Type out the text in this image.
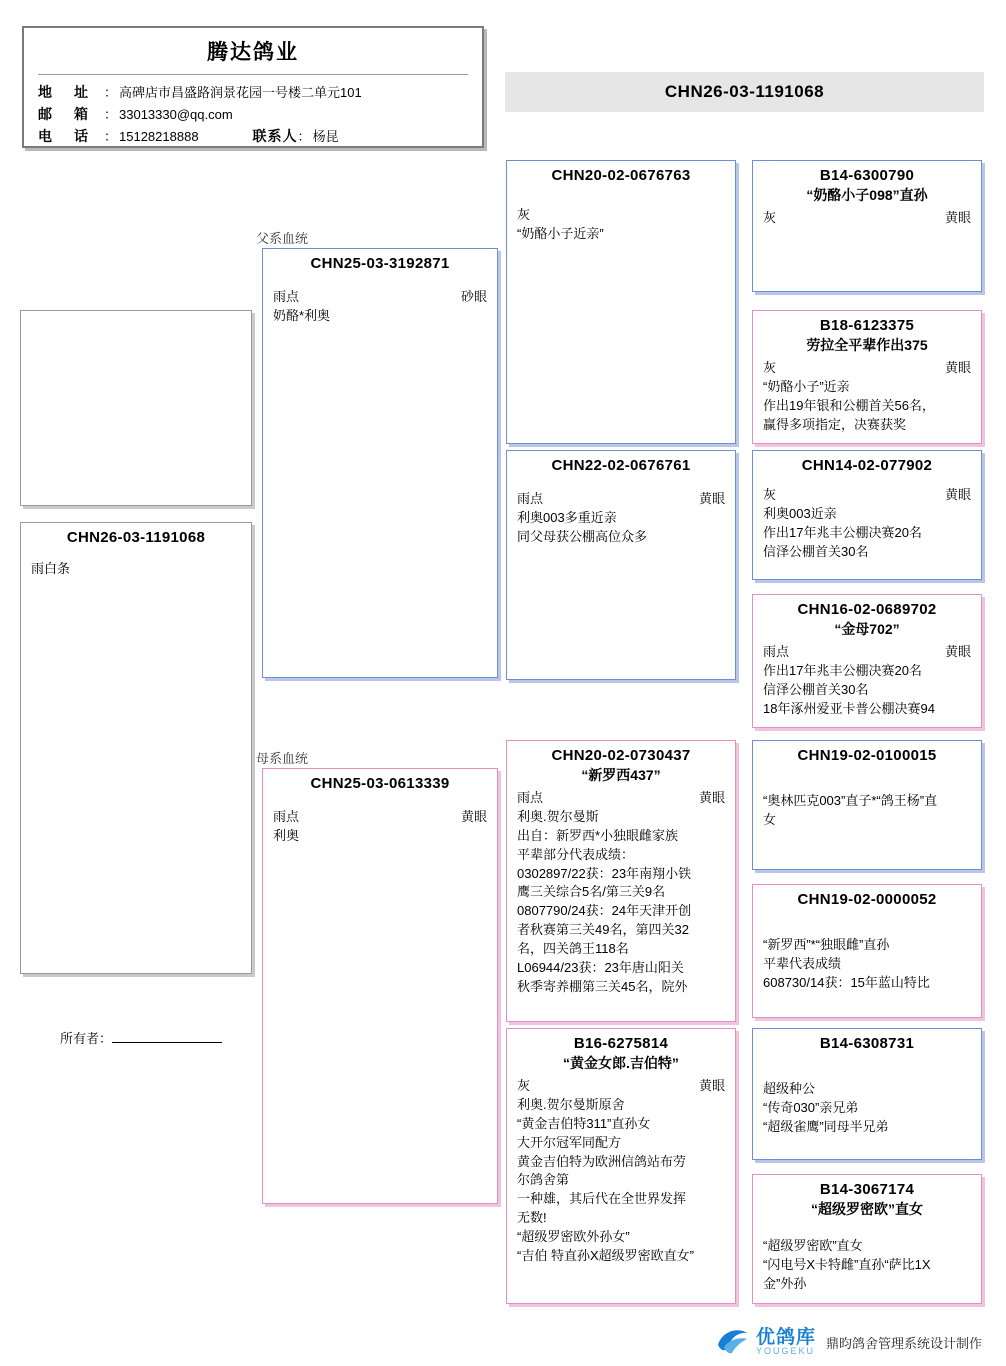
腾达鸽业
地　址 ： 高碑店市昌盛路润景花园一号楼二单元101
邮　箱 ： 33013330@qq.com
电　话 ： 15128218888	联系人 ： 杨昆
CHN26-03-1191068
父系血统
母系血统
CHN26-03-1191068
雨白条
所有者：
CHN25-03-3192871
雨点	砂眼
奶酪*利奥
CHN25-03-0613339
雨点	黄眼
利奥
CHN20-02-0676763
灰
“奶酪小子近亲”
CHN22-02-0676761
雨点	黄眼
利奥003多重近亲
同父母获公棚高位众多
CHN20-02-0730437
“新罗西437”
雨点	黄眼
利奥.贺尔曼斯
出自：新罗西*小独眼雌家族
平辈部分代表成绩：
0302897/22获：23年南翔小铁
鹰三关综合5名/第三关9名
0807790/24获：24年天津开创
者秋赛第三关49名，第四关32
名，四关鸽王118名
L06944/23获：23年唐山阳关
秋季寄养棚第三关45名，院外
B16-6275814
“黄金女郎.吉伯特”
灰	黄眼
利奥.贺尔曼斯原舍
“黄金吉伯特311”直孙女
大开尔冠军同配方
黄金吉伯特为欧洲信鸽站布劳
尔鸽舍第
一种雄，其后代在全世界发挥
无数!
“超级罗密欧外孙女”
“吉伯 特直孙X超级罗密欧直女”
B14-6300790
“奶酪小子098”直孙
灰	黄眼
B18-6123375
劳拉全平辈作出375
灰	黄眼
“奶酪小子”近亲
作出19年银和公棚首关56名，
赢得多项指定，决赛获奖
CHN14-02-077902
灰	黄眼
利奥003近亲
作出17年兆丰公棚决赛20名
信泽公棚首关30名
CHN16-02-0689702
“金母702”
雨点	黄眼
作出17年兆丰公棚决赛20名
信泽公棚首关30名
18年涿州爱亚卡普公棚决赛94
CHN19-02-0100015
“奥林匹克003”直子*“鸽王杨”直
女
CHN19-02-0000052
“新罗西”*“独眼雌”直孙
平辈代表成绩
608730/14获：15年蓝山特比
B14-6308731
超级种公
“传奇030”亲兄弟
“超级雀鹰”同母半兄弟
B14-3067174
“超级罗密欧”直女
“超级罗密欧”直女
“闪电号X卡特雌”直孙“萨比1X
金”外孙
优鸽库
YOUGEKU
鼎昀鸽舍管理系统设计制作
